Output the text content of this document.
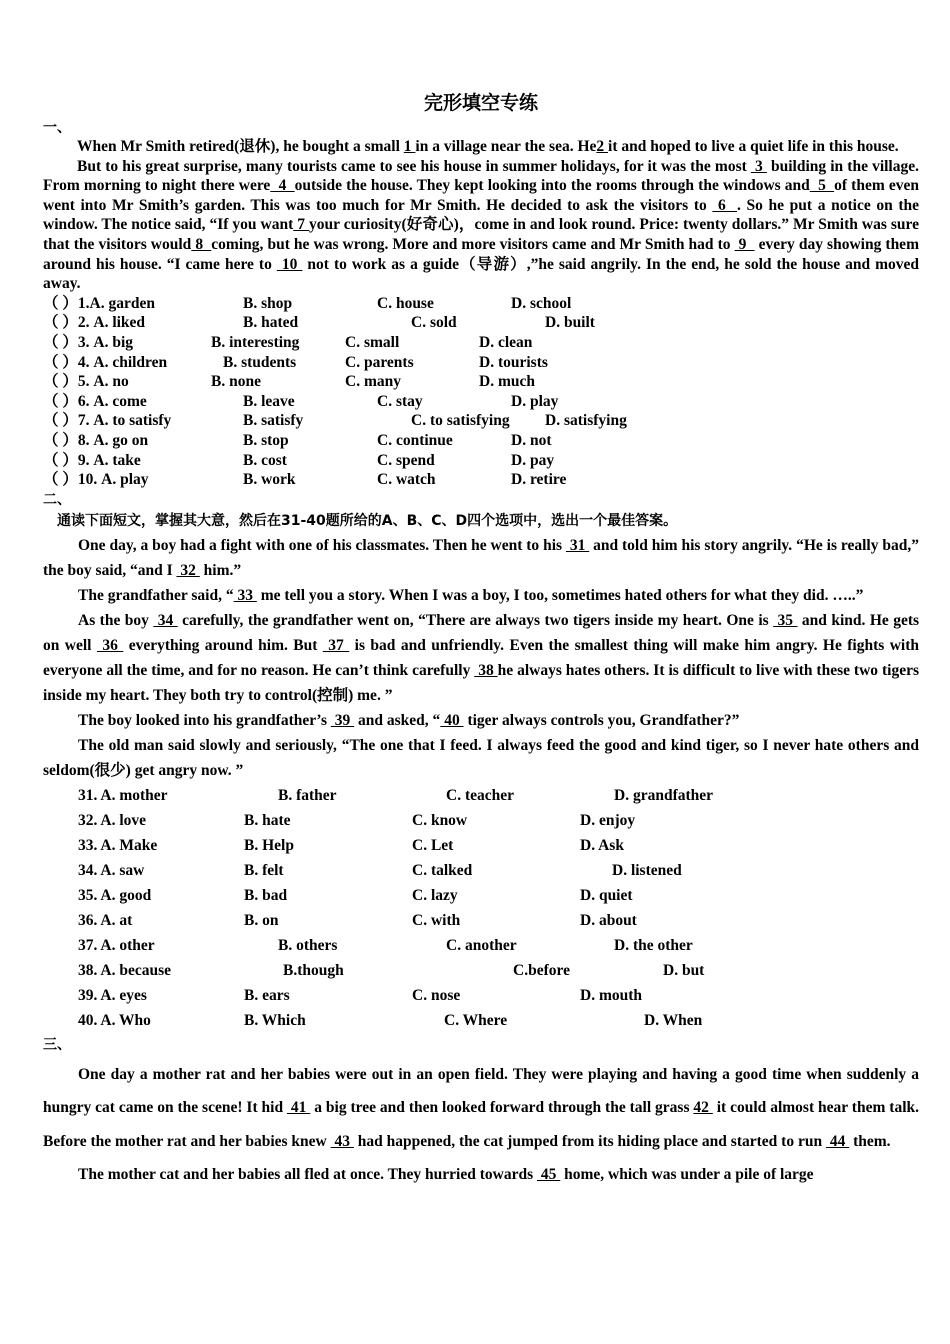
完形填空专练
一、

When Mr Smith retired(退休), he bought a small 1 in a village near the sea. He2 it and hoped to live a quiet life in this house.

But to his great surprise, many tourists came to see his house in summer holidays, for it was the most  3  building in the village. From morning to night there were  4  outside the house. They kept looking into the rooms through the windows and  5  of them even went into Mr Smith’s garden. This was too much for Mr Smith. He decided to ask the visitors to  6  . So he put a notice on the window. The notice said, “If you want 7 your curiosity(好奇心)，come in and look round. Price: twenty dollars.” Mr Smith was sure that the visitors would 8  coming, but he was wrong. More and more visitors came and Mr Smith had to  9   every day showing them around his house. “I came here to  10  not to work as a guide（导游）,”he said angrily. In the end, he sold the house and moved away.

（ ）1.A. garden	B. shop	C. house	D. school
（ ）2. A. liked	B. hated	C. sold	D. built
（ ）3. A. big	B. interesting	C. small	D. clean
（ ）4. A. children	B. students	C. parents	D. tourists
（ ）5. A. no	B. none	C. many	D. much
（ ）6. A. come	B. leave	C. stay	D. play
（ ）7. A. to satisfy	B. satisfy	C. to satisfying	D. satisfying
（ ）8. A. go on	B. stop	C. continue	D. not
（ ）9. A. take	B. cost	C. spend	D. pay
（ ）10. A. play	B. work	C. watch	D. retire
二、
通读下面短文，掌握其大意，然后在31-40题所给的A、B、C、D四个选项中，选出一个最佳答案。

One day, a boy had a fight with one of his classmates. Then he went to his  31  and told him his story angrily. “He is really bad,” the boy said, “and I  32  him.”

The grandfather said, “ 33  me tell you a story. When I was a boy, I too, sometimes hated others for what they did. …..”

As the boy  34  carefully, the grandfather went on, “There are always two tigers inside my heart. One is  35  and kind. He gets on well  36  everything around him. But  37  is bad and unfriendly. Even the smallest thing will make him angry. He fights with everyone all the time, and for no reason. He can’t think carefully  38 he always hates others. It is difficult to live with these two tigers inside my heart. They both try to control(控制) me. ”

The boy looked into his grandfather’s  39  and asked, “ 40  tiger always controls you, Grandfather?”

The old man said slowly and seriously, “The one that I feed. I always feed the good and kind tiger, so I never hate others and seldom(很少) get angry now. ”

31. A. mother	B. father	C. teacher	D. grandfather
32. A. love	B. hate	C. know	D. enjoy
33. A. Make	B. Help	C. Let	D. Ask
34. A. saw	B. felt	C. talked	D. listened
35. A. good	B. bad	C. lazy	D. quiet
36. A. at	B. on	C. with	D. about
37. A. other	B. others	C. another	D. the other
38. A. because	B.though	C.before	D. but
39. A. eyes	B. ears	C. nose	D. mouth
40. A. Who	B. Which	C. Where	D. When
三、

One day a mother rat and her babies were out in an open field. They were playing and having a good time when suddenly a hungry cat came on the scene! It hid  41  a big tree and then looked forward through the tall grass 42  it could almost hear them talk. Before the mother rat and her babies knew  43  had happened, the cat jumped from its hiding place and started to run  44  them.

The mother cat and her babies all fled at once. They hurried towards  45  home, which was under a pile of large
